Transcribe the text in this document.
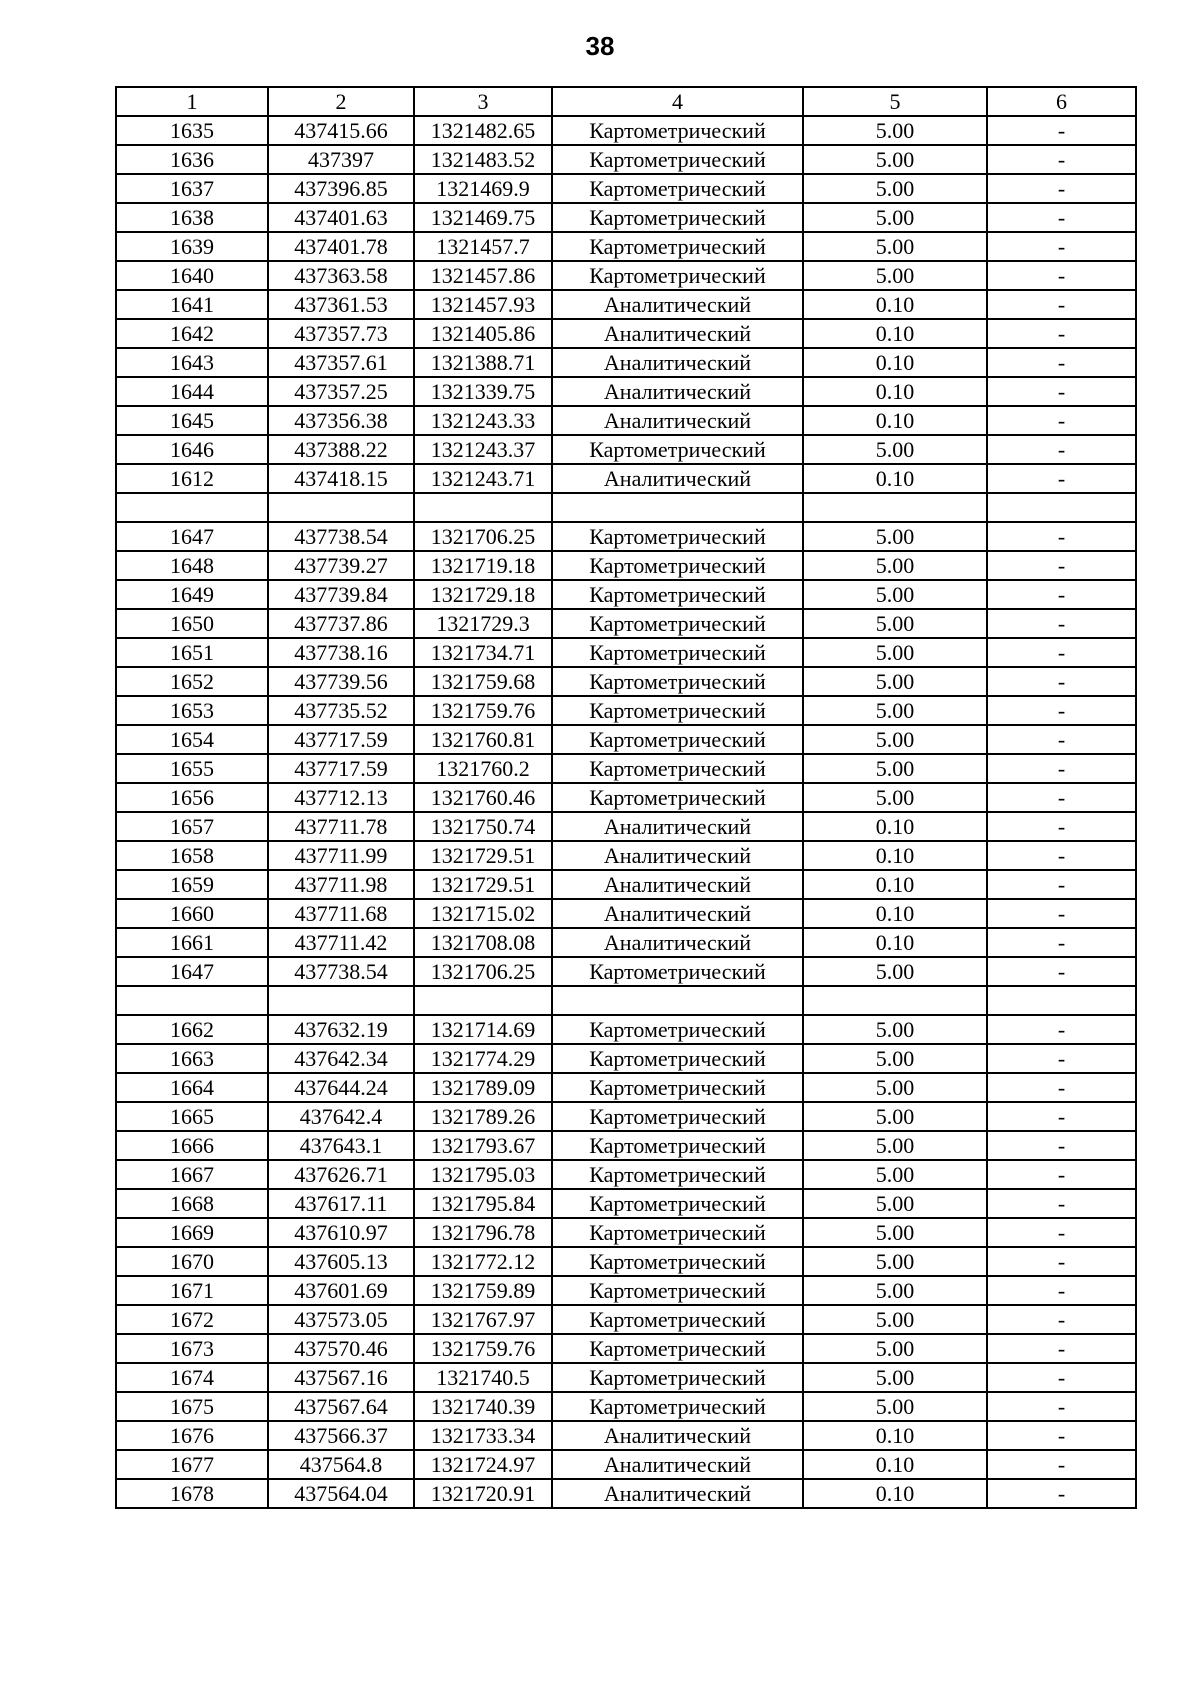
38
1	2	3	4	5	6
1635	437415.66	1321482.65	Картометрический	5.00	-
1636	437397	1321483.52	Картометрический	5.00	-
1637	437396.85	1321469.9	Картометрический	5.00	-
1638	437401.63	1321469.75	Картометрический	5.00	-
1639	437401.78	1321457.7	Картометрический	5.00	-
1640	437363.58	1321457.86	Картометрический	5.00	-
1641	437361.53	1321457.93	Аналитический	0.10	-
1642	437357.73	1321405.86	Аналитический	0.10	-
1643	437357.61	1321388.71	Аналитический	0.10	-
1644	437357.25	1321339.75	Аналитический	0.10	-
1645	437356.38	1321243.33	Аналитический	0.10	-
1646	437388.22	1321243.37	Картометрический	5.00	-
1612	437418.15	1321243.71	Аналитический	0.10	-

1647	437738.54	1321706.25	Картометрический	5.00	-
1648	437739.27	1321719.18	Картометрический	5.00	-
1649	437739.84	1321729.18	Картометрический	5.00	-
1650	437737.86	1321729.3	Картометрический	5.00	-
1651	437738.16	1321734.71	Картометрический	5.00	-
1652	437739.56	1321759.68	Картометрический	5.00	-
1653	437735.52	1321759.76	Картометрический	5.00	-
1654	437717.59	1321760.81	Картометрический	5.00	-
1655	437717.59	1321760.2	Картометрический	5.00	-
1656	437712.13	1321760.46	Картометрический	5.00	-
1657	437711.78	1321750.74	Аналитический	0.10	-
1658	437711.99	1321729.51	Аналитический	0.10	-
1659	437711.98	1321729.51	Аналитический	0.10	-
1660	437711.68	1321715.02	Аналитический	0.10	-
1661	437711.42	1321708.08	Аналитический	0.10	-
1647	437738.54	1321706.25	Картометрический	5.00	-

1662	437632.19	1321714.69	Картометрический	5.00	-
1663	437642.34	1321774.29	Картометрический	5.00	-
1664	437644.24	1321789.09	Картометрический	5.00	-
1665	437642.4	1321789.26	Картометрический	5.00	-
1666	437643.1	1321793.67	Картометрический	5.00	-
1667	437626.71	1321795.03	Картометрический	5.00	-
1668	437617.11	1321795.84	Картометрический	5.00	-
1669	437610.97	1321796.78	Картометрический	5.00	-
1670	437605.13	1321772.12	Картометрический	5.00	-
1671	437601.69	1321759.89	Картометрический	5.00	-
1672	437573.05	1321767.97	Картометрический	5.00	-
1673	437570.46	1321759.76	Картометрический	5.00	-
1674	437567.16	1321740.5	Картометрический	5.00	-
1675	437567.64	1321740.39	Картометрический	5.00	-
1676	437566.37	1321733.34	Аналитический	0.10	-
1677	437564.8	1321724.97	Аналитический	0.10	-
1678	437564.04	1321720.91	Аналитический	0.10	-
